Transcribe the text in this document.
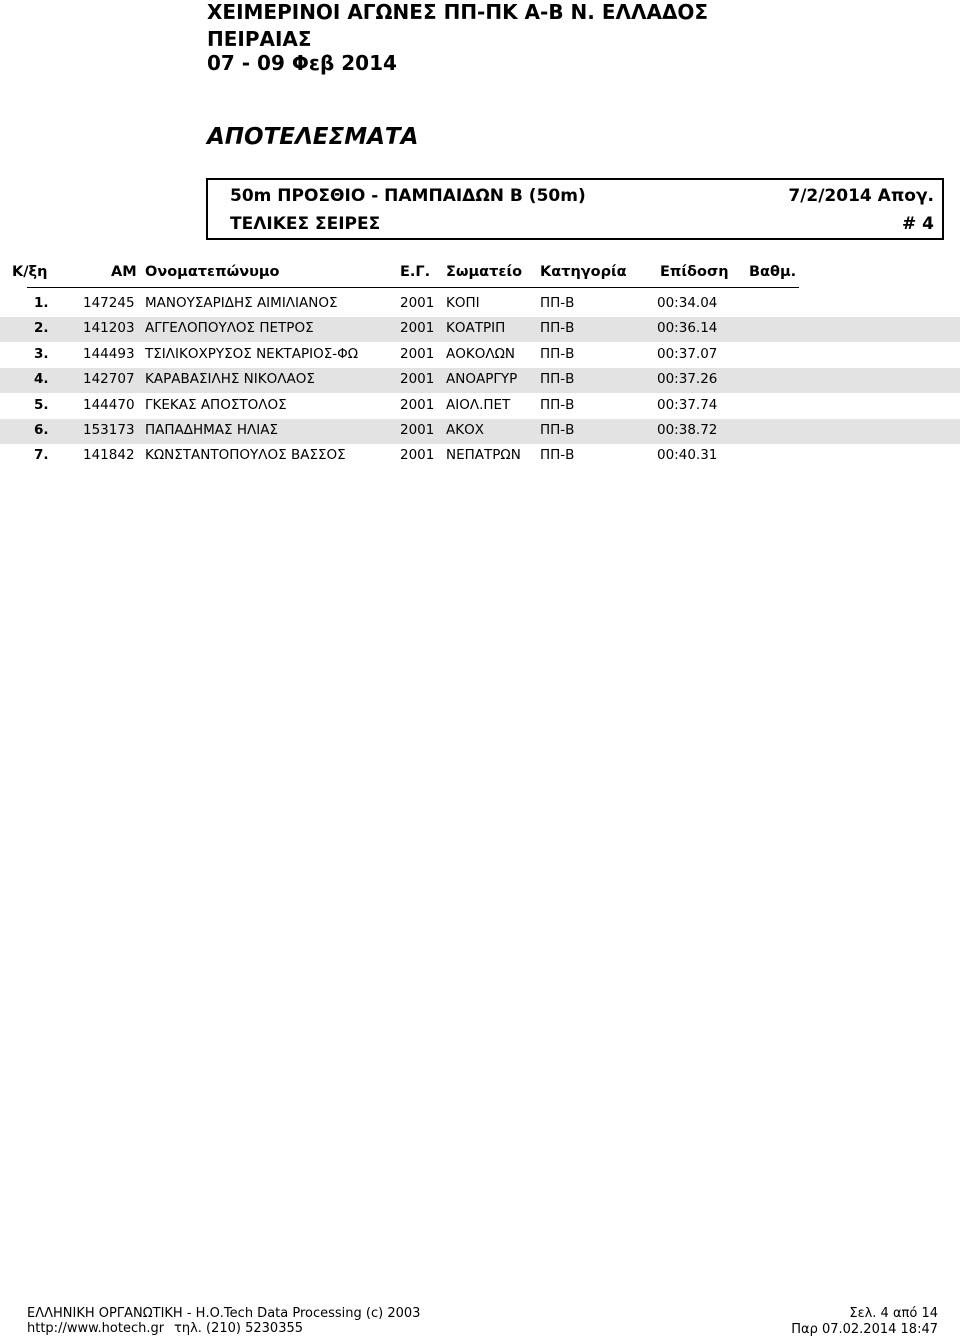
ΧΕΙΜΕΡΙΝΟΙ ΑΓΩΝΕΣ ΠΠ-ΠΚ Α-Β Ν. ΕΛΛΑΔΟΣ
ΠΕΙΡΑΙΑΣ
07 - 09 Φεβ 2014
ΑΠΟΤΕΛΕΣΜΑΤΑ
50m ΠΡΟΣΘΙΟ - ΠΑΜΠΑΙΔΩΝ Β (50m)	7/2/2014 Απογ.
ΤΕΛΙΚΕΣ ΣΕΙΡΕΣ	# 4
Κ/ξη	ΑΜ Ονοματεπώνυμο	Ε.Γ. Σωματείο Κατηγορία Επίδοση Βαθμ.
1.	147245 ΜΑΝΟΥΣΑΡΙΔΗΣ ΑΙΜΙΛΙΑΝΟΣ	2001 ΚΟΠΙ	ΠΠ-Β	00:34.04
2.	141203 ΑΓΓΕΛΟΠΟΥΛΟΣ ΠΕΤΡΟΣ	2001 ΚΟΑΤΡΙΠ	ΠΠ-Β	00:36.14
3.	144493 ΤΣΙΛΙΚΟΧΡΥΣΟΣ ΝΕΚΤΑΡΙΟΣ-ΦΩ	2001 ΑΟΚΟΛΩΝ ΠΠ-Β	00:37.07
4.	142707 ΚΑΡΑΒΑΣΙΛΗΣ ΝΙΚΟΛΑΟΣ	2001 ΑΝΟΑΡΓΥΡ ΠΠ-Β	00:37.26
5.	144470 ΓΚΕΚΑΣ ΑΠΟΣΤΟΛΟΣ	2001 ΑΙΟΛ.ΠΕΤ ΠΠ-Β	00:37.74
6.	153173 ΠΑΠΑΔΗΜΑΣ ΗΛΙΑΣ	2001 ΑΚΟΧ	ΠΠ-Β	00:38.72
7.	141842 ΚΩΝΣΤΑΝΤΟΠΟΥΛΟΣ ΒΑΣΣΟΣ	2001 ΝΕΠΑΤΡΩΝ ΠΠ-Β	00:40.31
ΕΛΛΗΝΙΚΗ ΟΡΓΑΝΩΤΙΚΗ - Η.Ο.Tech Data Processing (c) 2003
http://www.hotech.gr τηλ. (210) 5230355
Σελ. 4 από 14
Παρ 07.02.2014 18:47
